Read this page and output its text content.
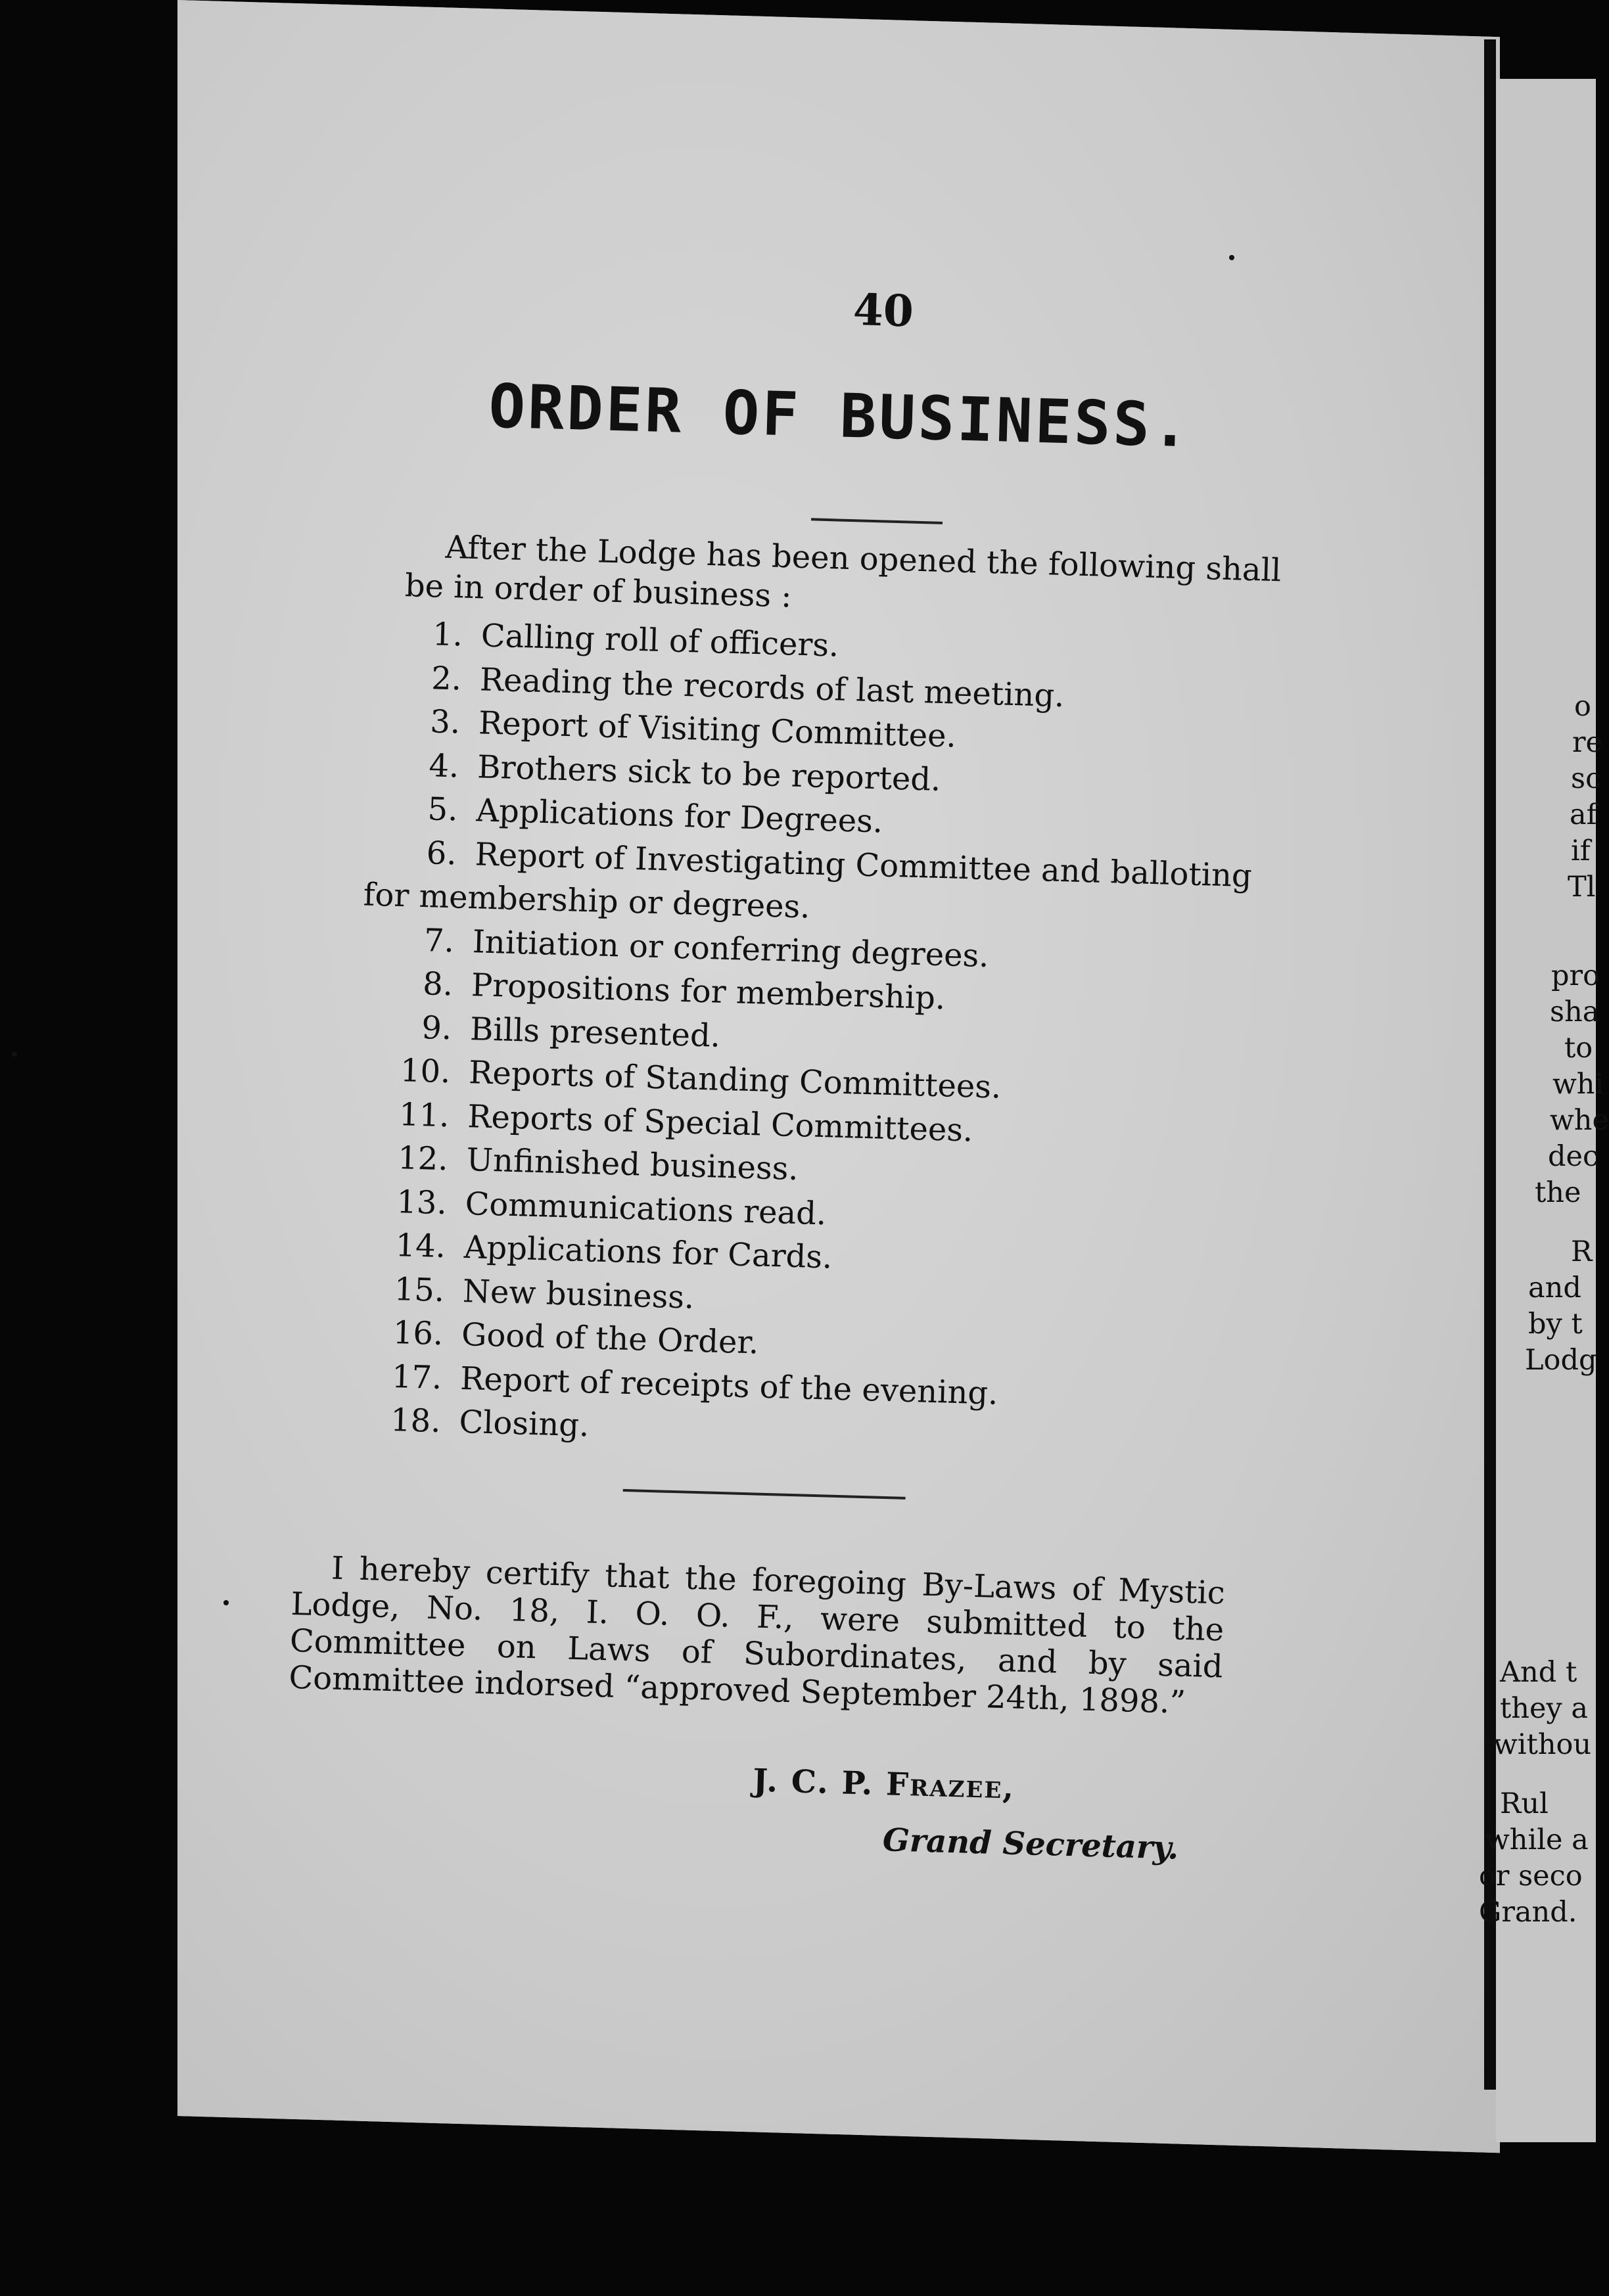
o
re
sc
af
if
Tl
pro
sha
to
whi
whe
dec
the
R
and
by t
Lodg
And t
they a
withou
Rul
while a
or seco
Grand.
40
ORDER OF BUSINESS.
After the Lodge has been opened the following shall be in order of business :
1. Calling roll of officers.
2. Reading the records of last meeting.
3. Report of Visiting Committee.
4. Brothers sick to be reported.
5. Applications for Degrees.
6. Report of Investigating Committee and balloting
for membership or degrees.
7. Initiation or conferring degrees.
8. Propositions for membership.
9. Bills presented.
10. Reports of Standing Committees.
11. Reports of Special Committees.
12. Unfinished business.
13. Communications read.
14. Applications for Cards.
15. New business.
16. Good of the Order.
17. Report of receipts of the evening.
18. Closing.
I hereby certify that the foregoing By-Laws of Mystic Lodge, No. 18, I. O. O. F., were submitted to the Committee on Laws of Subordinates, and by said Committee indorsed “approved September 24th, 1898.”
J. C. P. Frazee,
Grand Secretary.
